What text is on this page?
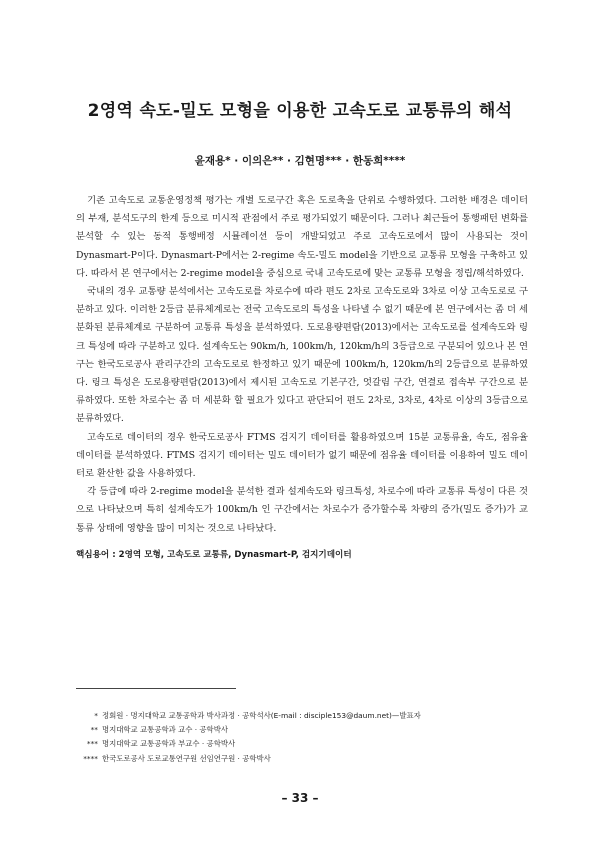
2영역 속도-밀도 모형을 이용한 고속도로 교통류의 해석
윤재용* · 이의은** · 김현명*** · 한동희****

기존 고속도로 교통운영정책 평가는 개별 도로구간 혹은 도로축을 단위로 수행하였다. 그러한 배경은 데이터의 부재, 분석도구의 한계 등으로 미시적 관점에서 주로 평가되었기 때문이다. 그러나 최근들어 통행패턴 변화를 분석할 수 있는 동적 통행배정 시뮬레이션 등이 개발되었고 주로 고속도로에서 많이 사용되는 것이 Dynasmart-P이다. Dynasmart-P에서는 2-regime 속도-밀도 model을 기반으로 교통류 모형을 구축하고 있다. 따라서 본 연구에서는 2-regime model을 중심으로 국내 고속도로에 맞는 교통류 모형을 정립/해석하였다.

국내의 경우 교통량 분석에서는 고속도로를 차로수에 따라 편도 2차로 고속도로와 3차로 이상 고속도로로 구분하고 있다. 이러한 2등급 분류체계로는 전국 고속도로의 특성을 나타낼 수 없기 때문에 본 연구에서는 좀 더 세분화된 분류체계로 구분하여 교통류 특성을 분석하였다. 도로용량편람(2013)에서는 고속도로를 설계속도와 링크 특성에 따라 구분하고 있다. 설계속도는 90km/h, 100km/h, 120km/h의 3등급으로 구분되어 있으나 본 연구는 한국도로공사 관리구간의 고속도로로 한정하고 있기 때문에 100km/h, 120km/h의 2등급으로 분류하였다. 링크 특성은 도로용량편람(2013)에서 제시된 고속도로 기본구간, 엇갈림 구간, 연결로 접속부 구간으로 분류하였다. 또한 차로수는 좀 더 세분화 할 필요가 있다고 판단되어 편도 2차로, 3차로, 4차로 이상의 3등급으로 분류하였다.

고속도로 데이터의 경우 한국도로공사 FTMS 검지기 데이터를 활용하였으며 15분 교통류율, 속도, 점유율 데이터를 분석하였다. FTMS 검지기 데이터는 밀도 데이터가 없기 때문에 점유율 데이터를 이용하여 밀도 데이터로 환산한 값을 사용하였다.

각 등급에 따라 2-regime model을 분석한 결과 설계속도와 링크특성, 차로수에 따라 교통류 특성이 다른 것으로 나타났으며 특히 설계속도가 100km/h 인 구간에서는 차로수가 증가할수록 차량의 증가(밀도 증가)가 교통류 상태에 영향을 많이 미치는 것으로 나타났다.

핵심용어 : 2영역 모형, 고속도로 교통류, Dynasmart-P, 검지기데이터
* 정회원 · 명지대학교 교통공학과 박사과정 · 공학석사(E-mail : disciple153@daum.net)—발표자
** 명지대학교 교통공학과 교수 · 공학박사
*** 명지대학교 교통공학과 부교수 · 공학박사
**** 한국도로공사 도로교통연구원 선임연구원 · 공학박사
– 33 –
